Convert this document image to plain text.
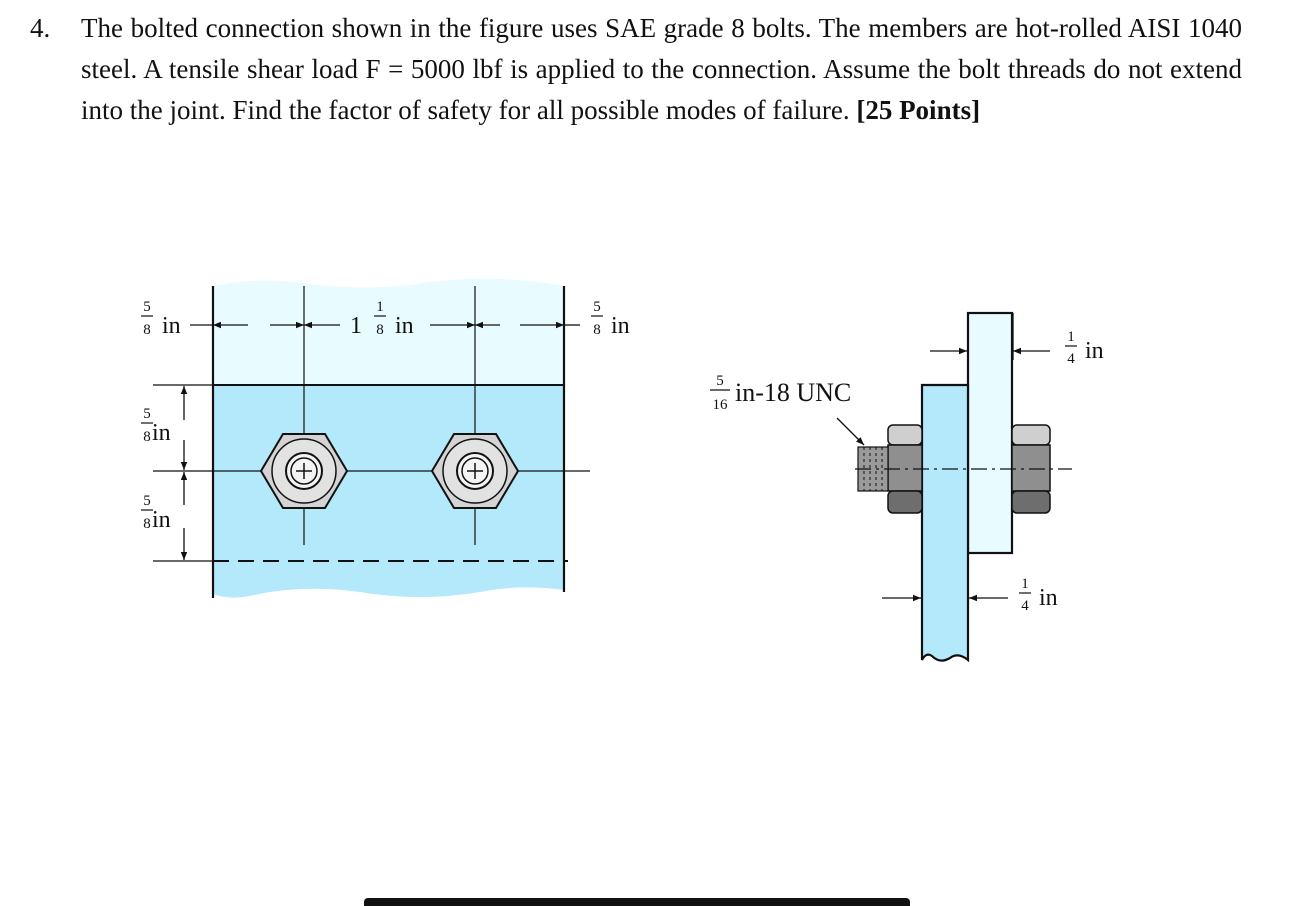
4. The bolted connection shown in the figure uses SAE grade 8 bolts. The members are hot-rolled AISI 1040 steel. A tensile shear load F = 5000 lbf is applied to the connection. Assume the bolt threads do not extend into the joint. Find the factor of safety for all possible modes of failure. [25 Points]
5
8 in	1
1
8 in
5
8 in
5
8 in
5
8 in
5
16 in-18 UNC
1
4 in
1
4 in
